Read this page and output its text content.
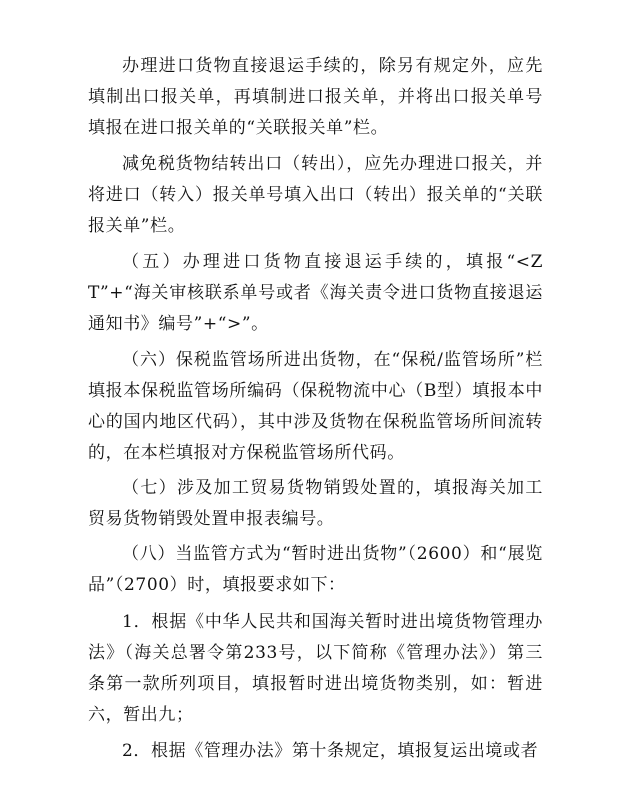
办理进口货物直接退运手续的，除另有规定外，应先填制出口报关单，再填制进口报关单，并将出口报关单号填报在进口报关单的“关联报关单”栏。

减免税货物结转出口（转出），应先办理进口报关，并将进口（转入）报关单号填入出口（转出）报关单的“关联报关单”栏。

（五）办理进口货物直接退运手续的，填报“<ZT”+“海关审核联系单号或者《海关责令进口货物直接退运通知书》编号”+“>”。

（六）保税监管场所进出货物，在“保税/监管场所”栏填报本保税监管场所编码（保税物流中心（B型）填报本中心的国内地区代码），其中涉及货物在保税监管场所间流转的，在本栏填报对方保税监管场所代码。

（七）涉及加工贸易货物销毁处置的，填报海关加工贸易货物销毁处置申报表编号。

（八）当监管方式为“暂时进出货物”（2600）和“展览品”（2700）时，填报要求如下：

1．根据《中华人民共和国海关暂时进出境货物管理办法》（海关总署令第233号，以下简称《管理办法》）第三条第一款所列项目，填报暂时进出境货物类别，如：暂进六，暂出九；

2．根据《管理办法》第十条规定，填报复运出境或者
